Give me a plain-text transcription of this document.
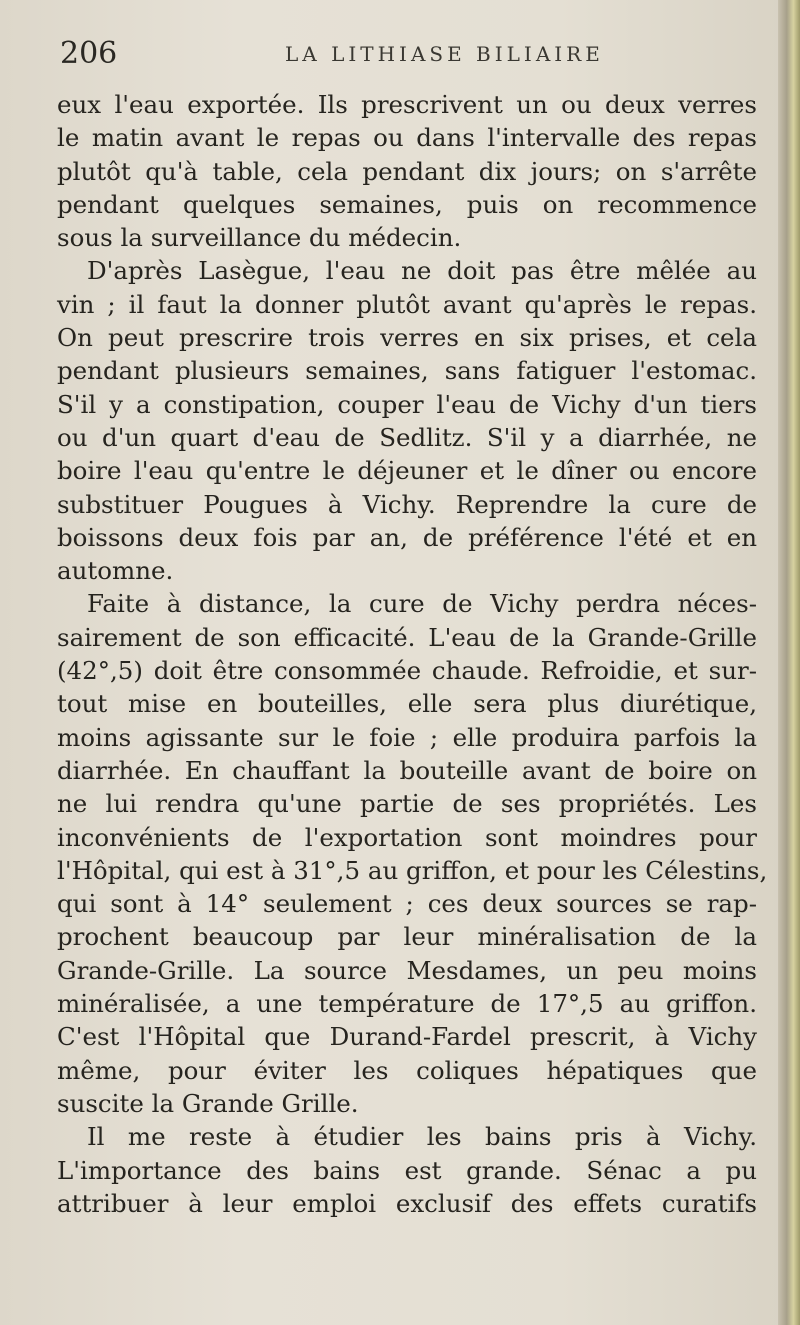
206	LA LITHIASE BILIAIRE
eux l'eau exportée. Ils prescrivent un ou deux verres
le matin avant le repas ou dans l'intervalle des repas
plutôt qu'à table, cela pendant dix jours; on s'arrête
pendant quelques semaines, puis on recommence
sous la surveillance du médecin.
D'après Lasègue, l'eau ne doit pas être mêlée au
vin ; il faut la donner plutôt avant qu'après le repas.
On peut prescrire trois verres en six prises, et cela
pendant plusieurs semaines, sans fatiguer l'estomac.
S'il y a constipation, couper l'eau de Vichy d'un tiers
ou d'un quart d'eau de Sedlitz. S'il y a diarrhée, ne
boire l'eau qu'entre le déjeuner et le dîner ou encore
substituer Pougues à Vichy. Reprendre la cure de
boissons deux fois par an, de préférence l'été et en
automne.
Faite à distance, la cure de Vichy perdra néces-
sairement de son efficacité. L'eau de la Grande-Grille
(42°,5) doit être consommée chaude. Refroidie, et sur-
tout mise en bouteilles, elle sera plus diurétique,
moins agissante sur le foie ; elle produira parfois la
diarrhée. En chauffant la bouteille avant de boire on
ne lui rendra qu'une partie de ses propriétés. Les
inconvénients de l'exportation sont moindres pour
l'Hôpital, qui est à 31°,5 au griffon, et pour les Célestins,
qui sont à 14° seulement ; ces deux sources se rap-
prochent beaucoup par leur minéralisation de la
Grande-Grille. La source Mesdames, un peu moins
minéralisée, a une température de 17°,5 au griffon.
C'est l'Hôpital que Durand-Fardel prescrit, à Vichy
même, pour éviter les coliques hépatiques que
suscite la Grande Grille.
Il me reste à étudier les bains pris à Vichy.
L'importance des bains est grande. Sénac a pu
attribuer à leur emploi exclusif des effets curatifs
